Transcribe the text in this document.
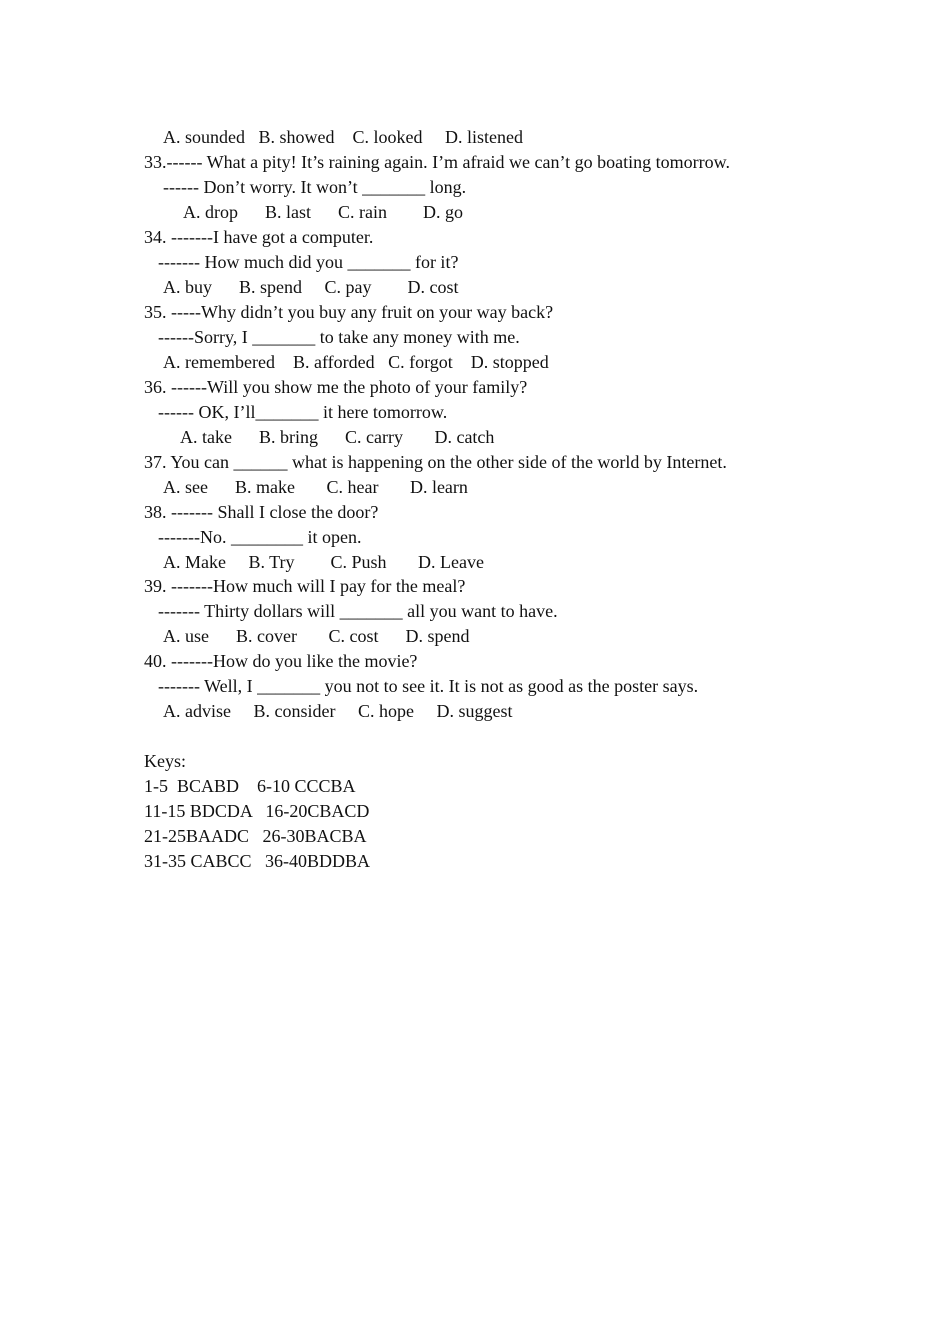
A. sounded   B. showed    C. looked     D. listened
33.------ What a pity! It’s raining again. I’m afraid we can’t go boating tomorrow.
------ Don’t worry. It won’t _______ long.
A. drop      B. last      C. rain        D. go
34. -------I have got a computer.
------- How much did you _______ for it?
A. buy      B. spend     C. pay        D. cost
35. -----Why didn’t you buy any fruit on your way back?
------Sorry, I _______ to take any money with me.
A. remembered    B. afforded   C. forgot    D. stopped
36. ------Will you show me the photo of your family?
------ OK, I’ll_______ it here tomorrow.
A. take      B. bring      C. carry       D. catch
37. You can ______ what is happening on the other side of the world by Internet.
A. see      B. make       C. hear       D. learn
38. ------- Shall I close the door?
-------No. ________ it open.
A. Make     B. Try        C. Push       D. Leave
39. -------How much will I pay for the meal?
------- Thirty dollars will _______ all you want to have.
A. use      B. cover       C. cost      D. spend
40. -------How do you like the movie?
------- Well, I _______ you not to see it. It is not as good as the poster says.
A. advise     B. consider     C. hope     D. suggest
Keys:
1-5  BCABD    6-10 CCCBA
11-15 BDCDA   16-20CBACD
21-25BAADC   26-30BACBA
31-35 CABCC   36-40BDDBA
